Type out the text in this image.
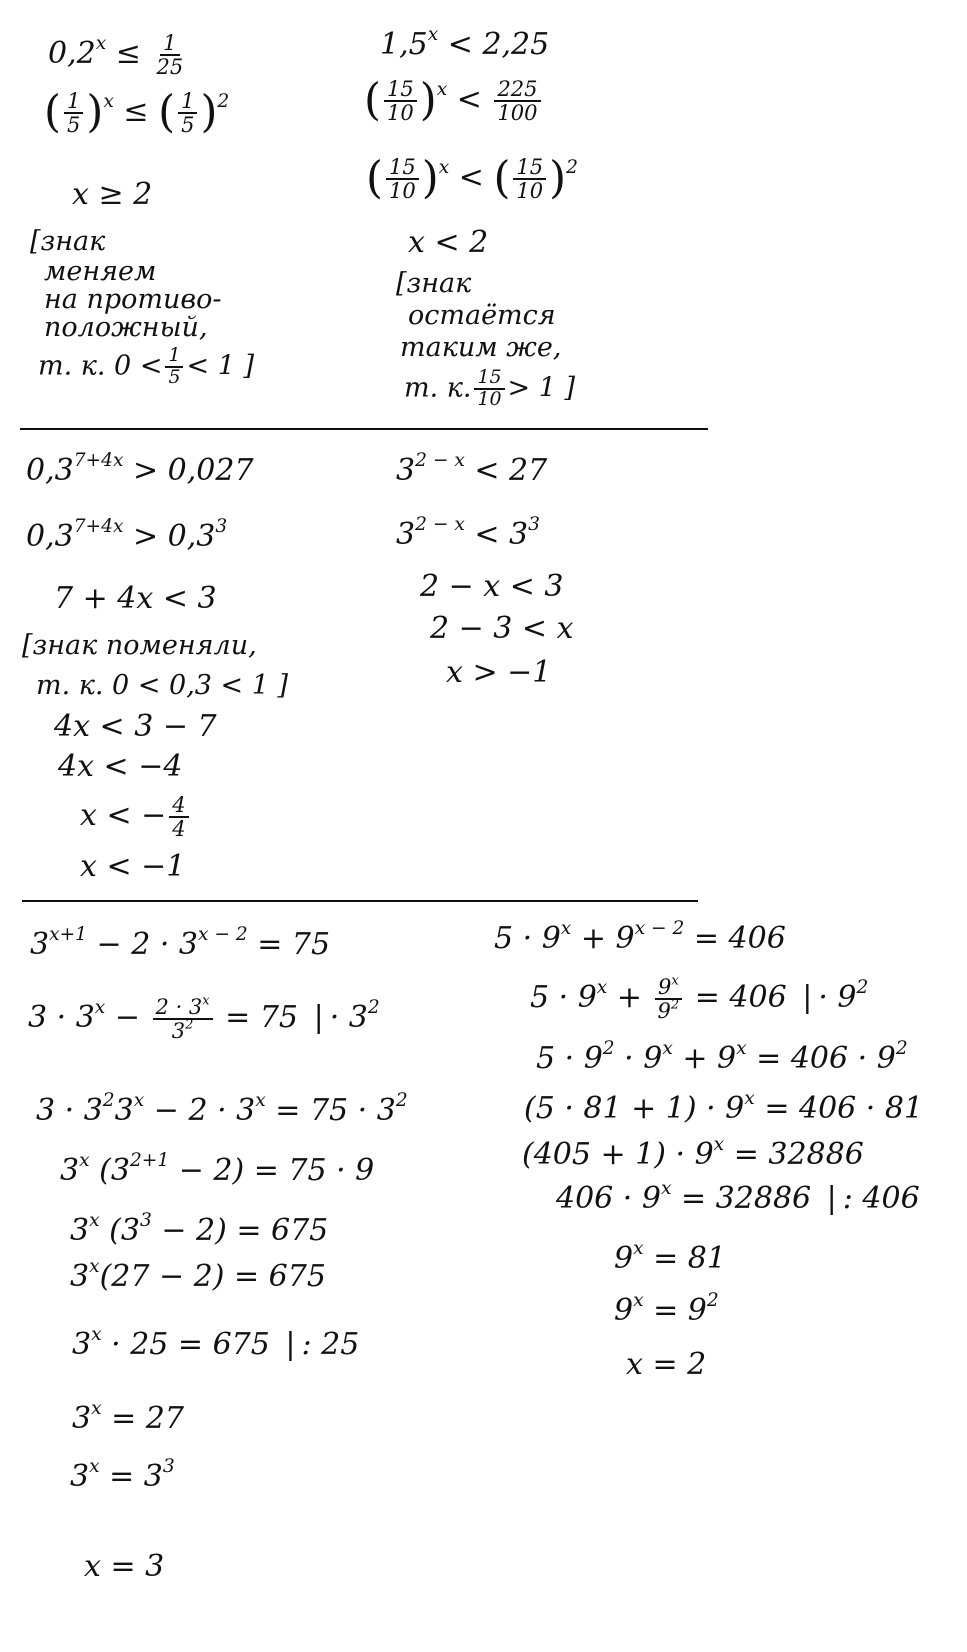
$0,2^x \le \frac{1}{25}$
( $\frac{1}{5} )^x$ ≤ ( $\frac{1}{5} )^2$
x ≥ 2
[знак
меняем
на противо-
положный,
т. к. $0 < \frac{1}{5} < 1$ ]
$1,5^x < 2,25$
( $\frac{15}{10} )^x < \frac{225}{100}$
( $\frac{15}{10} )^x$ < ( $\frac{15}{10} )^2$
x < 2
[знак
остаётся
таким же,
т. к. $\frac{15}{10} > 1$ ]
$0,3^{7+4x} > 0,027$
$0,3^{7+4x} > 0,3^3$
7 + 4x < 3
[знак поменяли,
т. к. 0 < 0,3 < 1 ]
4x < 3 − 7
4x < −4
x < − $\frac{4}{4}$
x < −1
$3^{2 - x} < 27$
$3^{2 - x} < 3^3$
2 − x < 3
2 − 3 < x
x > −1
$3^{x+1} - 2 \cdot 3^{x - 2} = 75$
$3 \cdot 3^x - \frac{2 \cdot 3^x}{3^2} = 75$ | · $3^2$
$3 \cdot 3^23^x - 2 \cdot 3^x = 75 \cdot 3^2$
3$^x$ $(3^{2+1} - 2) = 75 \cdot 9$
3$^x$ $(3^3 - 2) = 675$
$3^x(27 - 2) = 675$
$3^x \cdot 25 = 675$ | : 25
$3^x = 27$
$3^x = 3^3$
x = 3
$5 \cdot 9^x + 9^{x - 2} = 406$
$5 \cdot 9^x + \frac{9^x}{9^2} = 406$ | · $9^2$
$5 \cdot 9^2 \cdot 9^x + 9^x = 406 \cdot 9^2$
$(5 \cdot 81 + 1) \cdot 9^x = 406 \cdot 81$
$(405 + 1) \cdot 9^x = 32886$
$406 \cdot 9^x = 32886$ | : 406
$9^x = 81$
$9^x = 9^2$
x = 2
